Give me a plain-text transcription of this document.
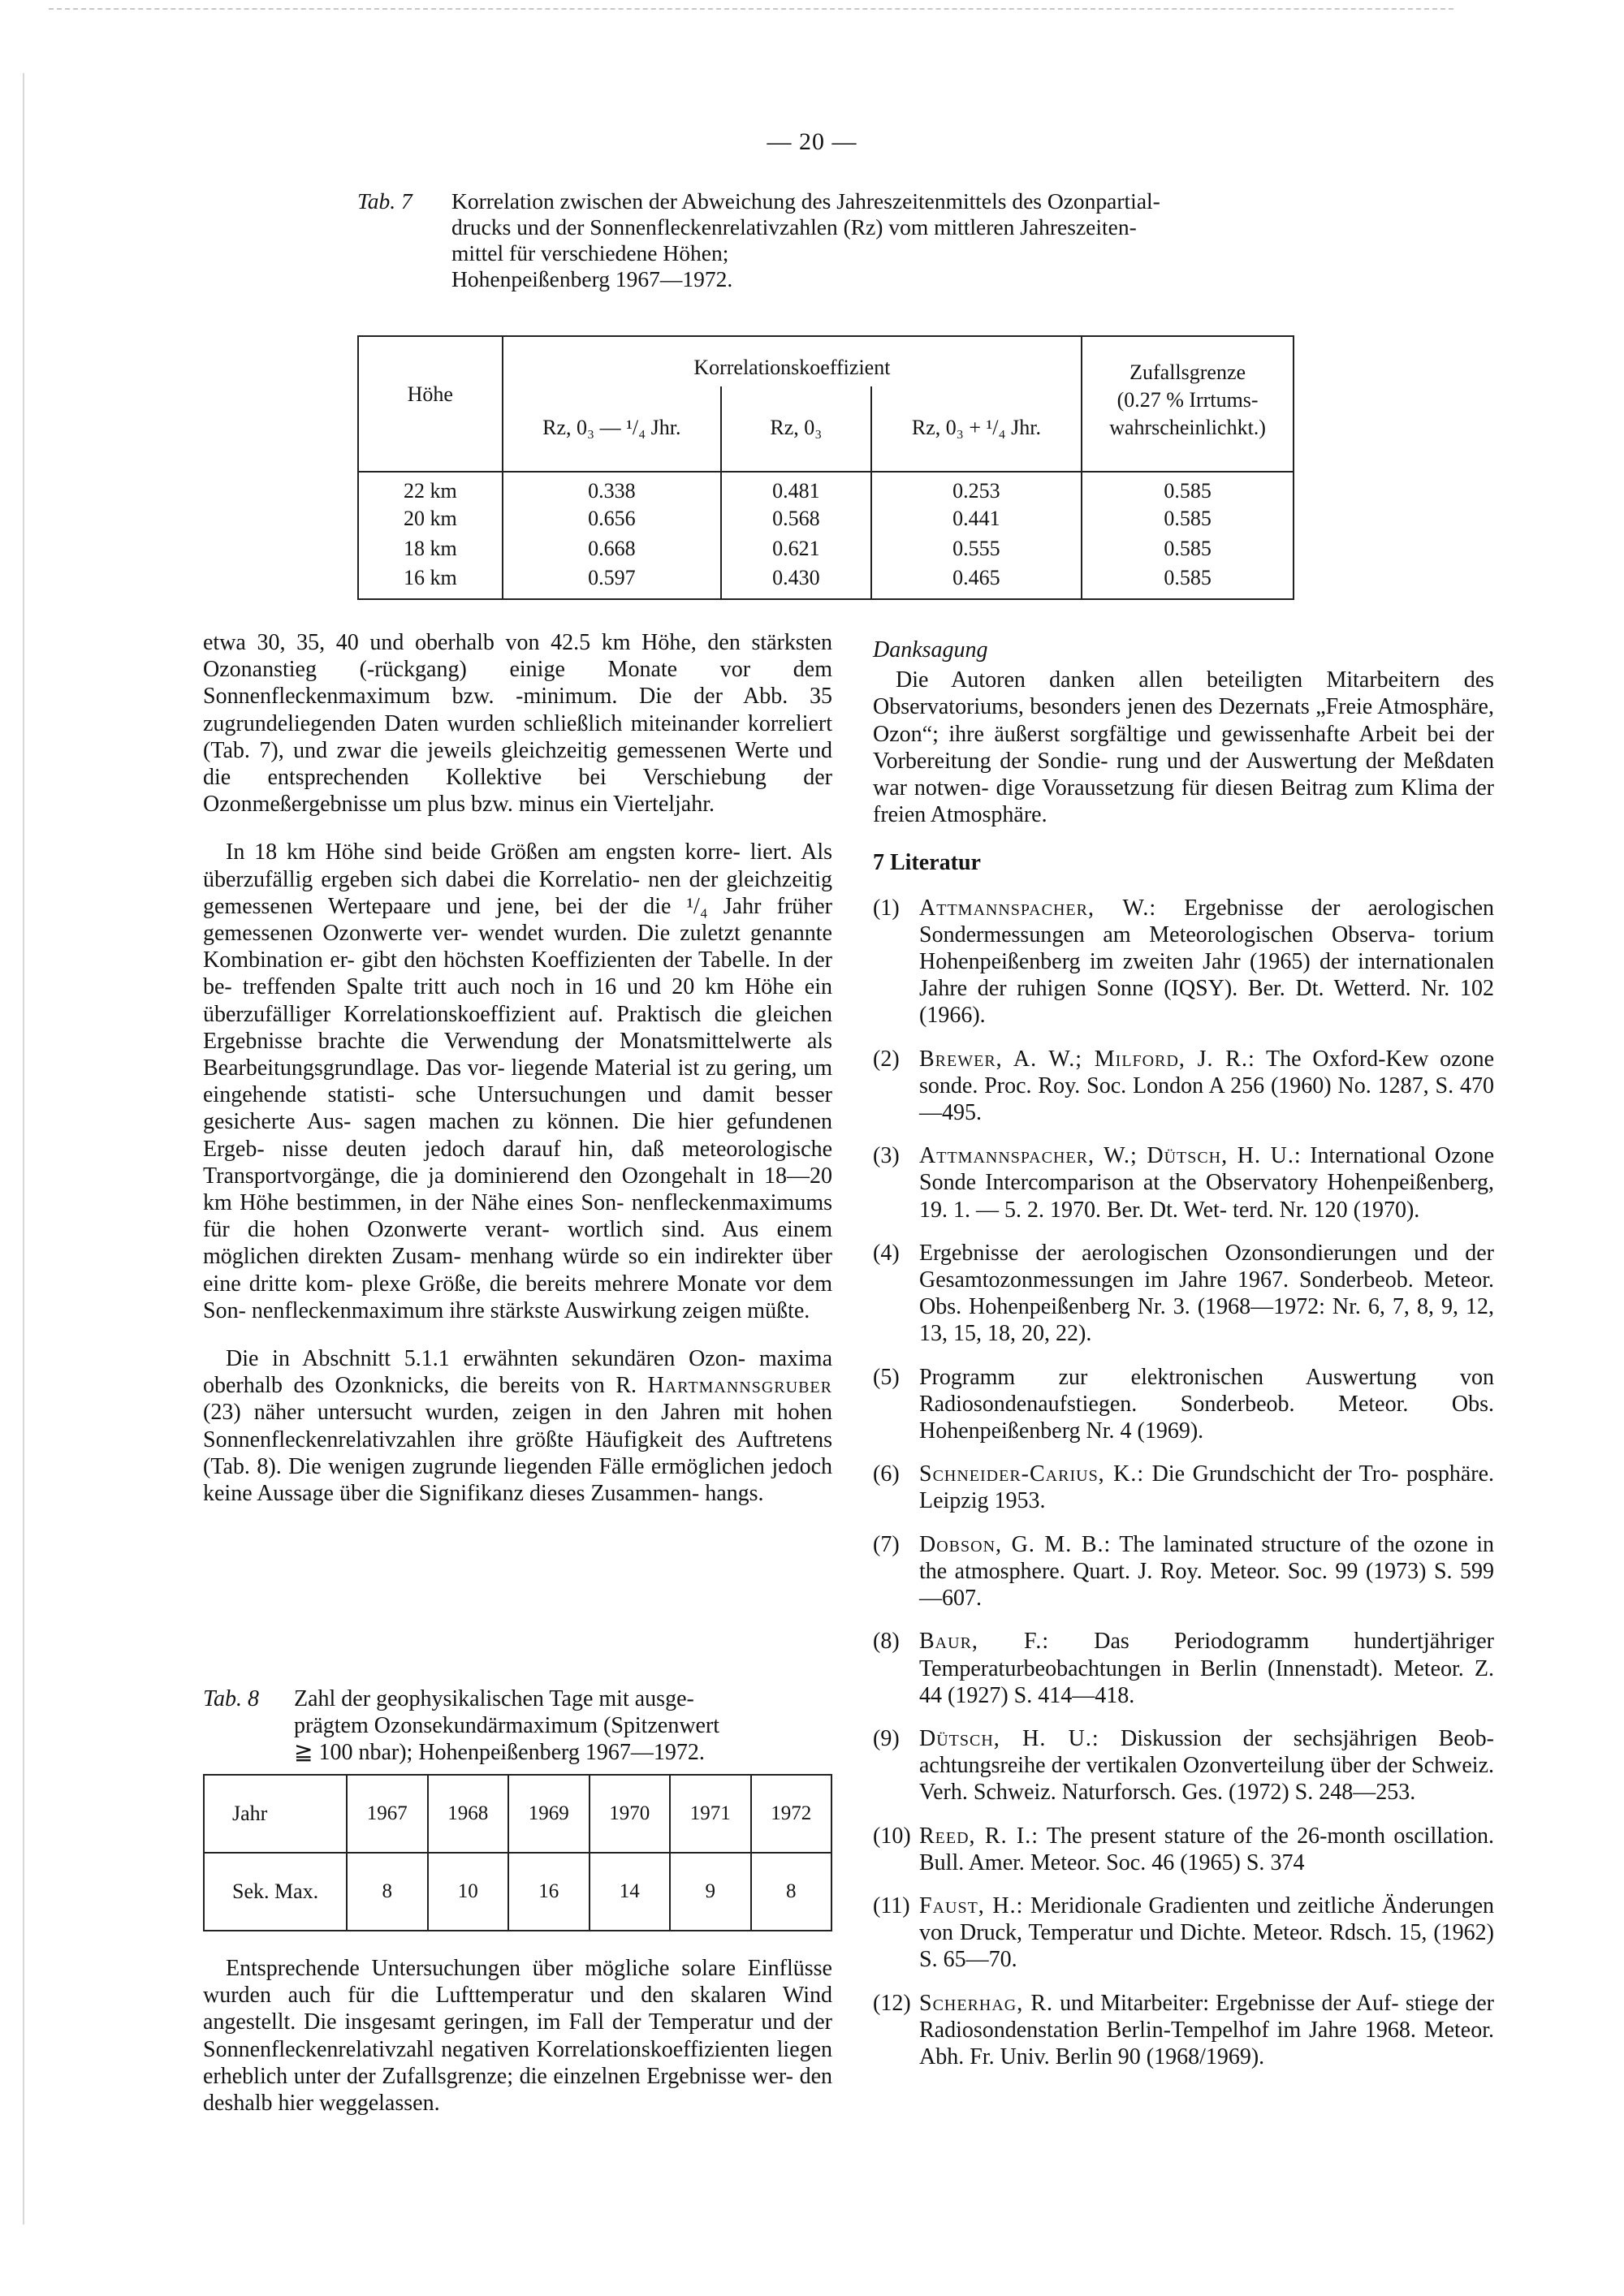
— 20 —
Tab. 7 Korrelation zwischen der Abweichung des Jahreszeitenmittels des Ozonpartial-
drucks und der Sonnenfleckenrelativzahlen (Rz) vom mittleren Jahreszeiten-
mittel für verschiedene Höhen;
Hohenpeißenberg 1967—1972.
Höhe	Korrelationskoeffizient			Zufallsgrenze
(0.27 % Irrtums-
wahrscheinlichkt.)

	Rz, 0₃ — ¹/₄ Jhr.	Rz, 0₃	Rz, 0₃ + ¹/₄ Jhr.	

22 km	0.338	0.481	0.253	0.585
20 km	0.656	0.568	0.441	0.585
18 km	0.668	0.621	0.555	0.585
16 km	0.597	0.430	0.465	0.585

etwa 30, 35, 40 und oberhalb von 42.5 km Höhe, den stärksten Ozonanstieg (-rückgang) einige Monate vor dem Sonnenfleckenmaximum bzw. -minimum. Die der Abb. 35 zugrundeliegenden Daten wurden schließlich miteinander korreliert (Tab. 7), und zwar die jeweils gleichzeitig gemessenen Werte und die entsprechenden Kollektive bei Verschiebung der Ozonmeßergebnisse um plus bzw. minus ein Vierteljahr.

In 18 km Höhe sind beide Größen am engsten korre- liert. Als überzufällig ergeben sich dabei die Korrelatio- nen der gleichzeitig gemessenen Wertepaare und jene, bei der die ¹/₄ Jahr früher gemessenen Ozonwerte ver- wendet wurden. Die zuletzt genannte Kombination er- gibt den höchsten Koeffizienten der Tabelle. In der be- treffenden Spalte tritt auch noch in 16 und 20 km Höhe ein überzufälliger Korrelationskoeffizient auf. Praktisch die gleichen Ergebnisse brachte die Verwendung der Monatsmittelwerte als Bearbeitungsgrundlage. Das vor- liegende Material ist zu gering, um eingehende statisti- sche Untersuchungen und damit besser gesicherte Aus- sagen machen zu können. Die hier gefundenen Ergeb- nisse deuten jedoch darauf hin, daß meteorologische Transportvorgänge, die ja dominierend den Ozongehalt in 18—20 km Höhe bestimmen, in der Nähe eines Son- nenfleckenmaximums für die hohen Ozonwerte verant- wortlich sind. Aus einem möglichen direkten Zusam- menhang würde so ein indirekter über eine dritte kom- plexe Größe, die bereits mehrere Monate vor dem Son- nenfleckenmaximum ihre stärkste Auswirkung zeigen müßte.

Die in Abschnitt 5.1.1 erwähnten sekundären Ozon- maxima oberhalb des Ozonknicks, die bereits von R. Hartmannsgruber (23) näher untersucht wurden, zeigen in den Jahren mit hohen Sonnenfleckenrelativzahlen ihre größte Häufigkeit des Auftretens (Tab. 8). Die wenigen zugrunde liegenden Fälle ermöglichen jedoch keine Aussage über die Signifikanz dieses Zusammen- hangs.

Tab. 8 Zahl der geophysikalischen Tage mit ausge-
prägtem Ozonsekundärmaximum (Spitzenwert
≧ 100 nbar); Hohenpeißenberg 1967—1972.
Jahr	1967	1968	1969	1970	1971	1972
Sek. Max.	8	10	16	14	9	8

Entsprechende Untersuchungen über mögliche solare Einflüsse wurden auch für die Lufttemperatur und den skalaren Wind angestellt. Die insgesamt geringen, im Fall der Temperatur und der Sonnenfleckenrelativzahl negativen Korrelationskoeffizienten liegen erheblich unter der Zufallsgrenze; die einzelnen Ergebnisse wer- den deshalb hier weggelassen.

Danksagung

Die Autoren danken allen beteiligten Mitarbeitern des Observatoriums, besonders jenen des Dezernats „Freie Atmosphäre, Ozon“; ihre äußerst sorgfältige und gewissenhafte Arbeit bei der Vorbereitung der Sondie- rung und der Auswertung der Meßdaten war notwen- dige Voraussetzung für diesen Beitrag zum Klima der freien Atmosphäre.

7 Literatur
(1) Attmannspacher, W.: Ergebnisse der aerologischen Sondermessungen am Meteorologischen Observa- torium Hohenpeißenberg im zweiten Jahr (1965) der internationalen Jahre der ruhigen Sonne (IQSY). Ber. Dt. Wetterd. Nr. 102 (1966).
(2) Brewer, A. W.; Milford, J. R.: The Oxford-Kew ozone sonde. Proc. Roy. Soc. London A 256 (1960) No. 1287, S. 470—495.
(3) Attmannspacher, W.; Dütsch, H. U.: International Ozone Sonde Intercomparison at the Observatory Hohenpeißenberg, 19. 1. — 5. 2. 1970. Ber. Dt. Wet- terd. Nr. 120 (1970).
(4) Ergebnisse der aerologischen Ozonsondierungen und der Gesamtozonmessungen im Jahre 1967. Sonderbeob. Meteor. Obs. Hohenpeißenberg Nr. 3. (1968—1972: Nr. 6, 7, 8, 9, 12, 13, 15, 18, 20, 22).
(5) Programm zur elektronischen Auswertung von Radiosondenaufstiegen. Sonderbeob. Meteor. Obs. Hohenpeißenberg Nr. 4 (1969).
(6) Schneider-Carius, K.: Die Grundschicht der Tro- posphäre. Leipzig 1953.
(7) Dobson, G. M. B.: The laminated structure of the ozone in the atmosphere. Quart. J. Roy. Meteor. Soc. 99 (1973) S. 599—607.
(8) Baur, F.: Das Periodogramm hundertjähriger Temperaturbeobachtungen in Berlin (Innenstadt). Meteor. Z. 44 (1927) S. 414—418.
(9) Dütsch, H. U.: Diskussion der sechsjährigen Beob- achtungsreihe der vertikalen Ozonverteilung über der Schweiz. Verh. Schweiz. Naturforsch. Ges. (1972) S. 248—253.
(10) Reed, R. I.: The present stature of the 26-month oscillation. Bull. Amer. Meteor. Soc. 46 (1965) S. 374
(11) Faust, H.: Meridionale Gradienten und zeitliche Änderungen von Druck, Temperatur und Dichte. Meteor. Rdsch. 15, (1962) S. 65—70.
(12) Scherhag, R. und Mitarbeiter: Ergebnisse der Auf- stiege der Radiosondenstation Berlin-Tempelhof im Jahre 1968. Meteor. Abh. Fr. Univ. Berlin 90 (1968/1969).
